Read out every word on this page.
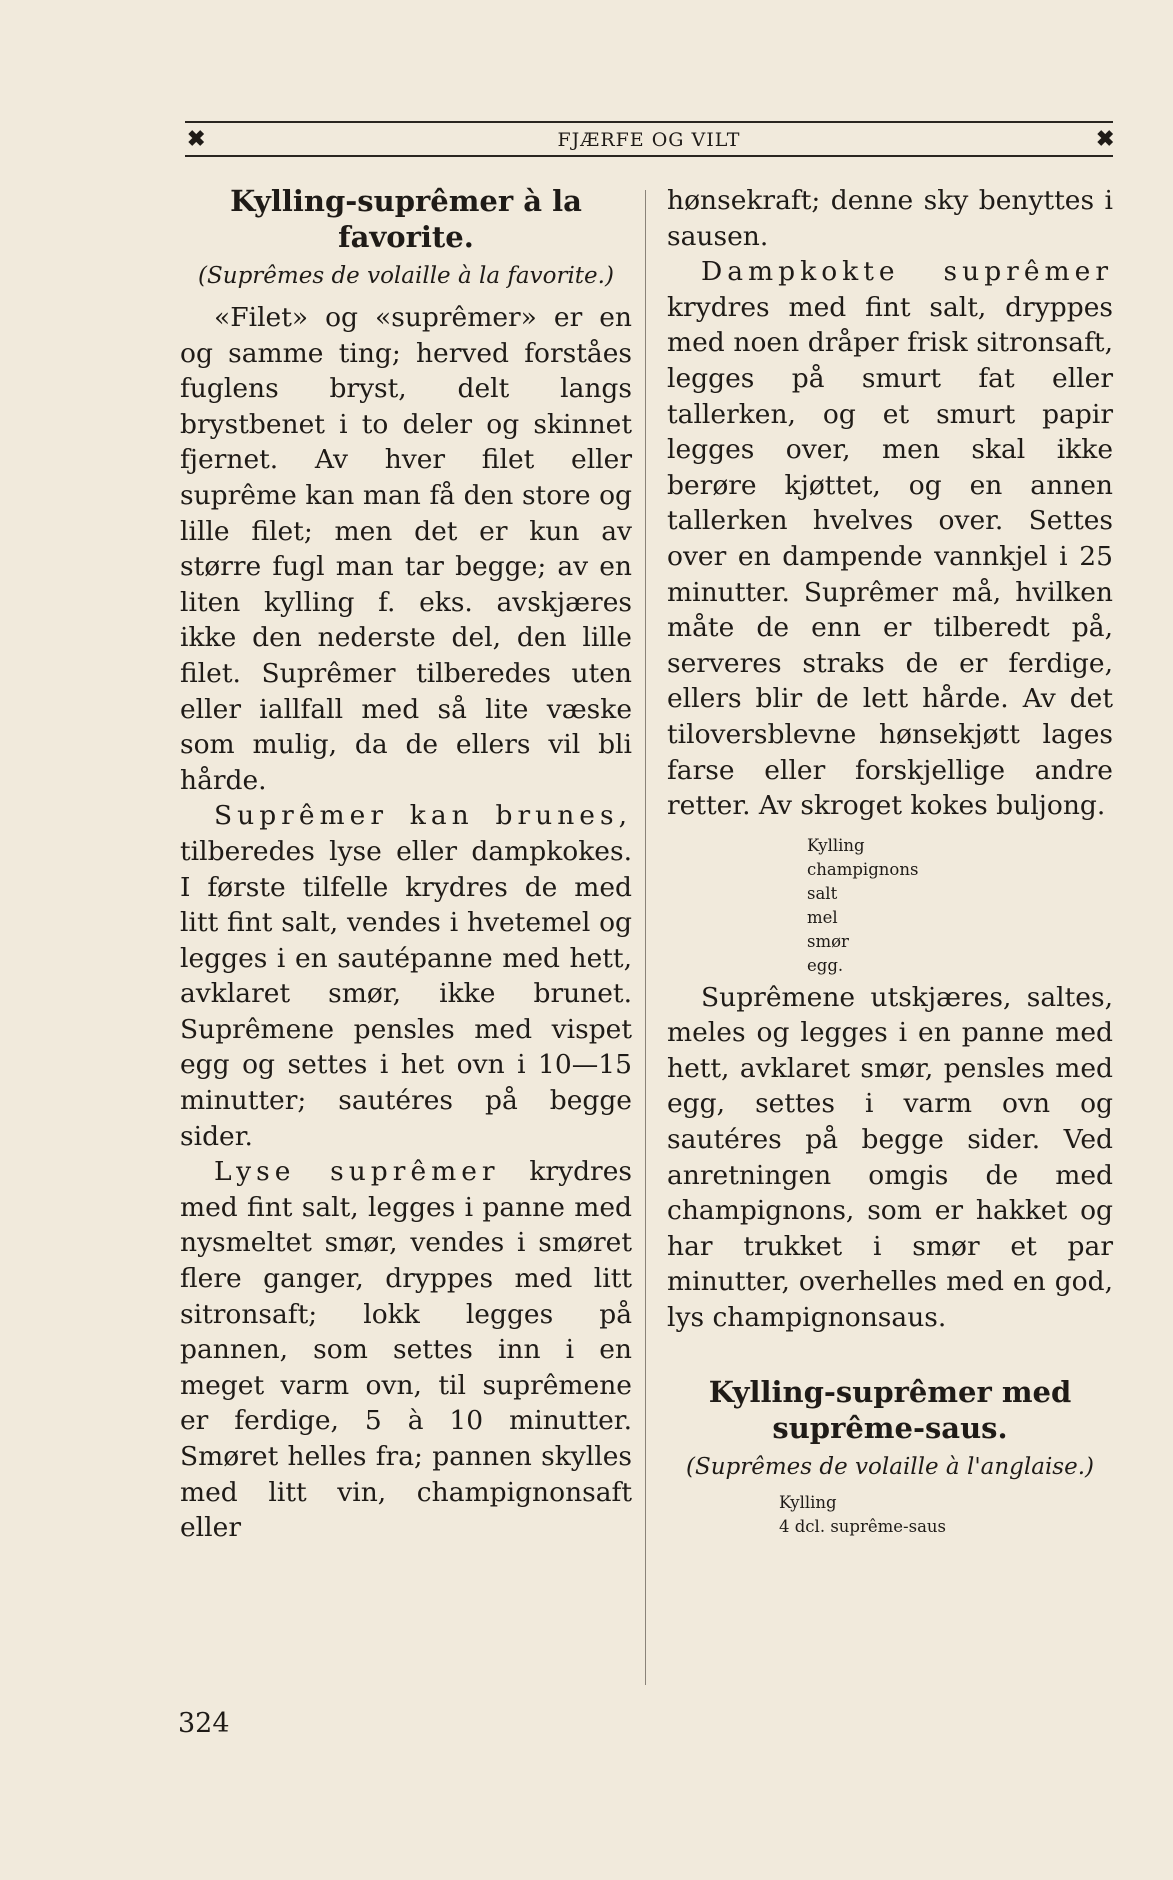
✖	FJÆRFE OG VILT	✖
Kylling-suprêmer à la favorite.
(Suprêmes de volaille à la favorite.)

«Filet» og «suprêmer» er en og samme ting; herved forståes fuglens bryst, delt langs brystbenet i to deler og skinnet fjernet. Av hver filet eller suprême kan man få den store og lille filet; men det er kun av større fugl man tar begge; av en liten kylling f. eks. avskjæres ikke den nederste del, den lille filet. Suprêmer tilberedes uten eller iallfall med så lite væske som mulig, da de ellers vil bli hårde.

Suprêmer kan brunes, tilberedes lyse eller dampkokes. I første tilfelle krydres de med litt fint salt, vendes i hvetemel og legges i en sautépanne med hett, avklaret smør, ikke brunet. Suprêmene pensles med vispet egg og settes i het ovn i 10—15 minutter; sautéres på begge sider.

Lyse suprêmer krydres med fint salt, legges i panne med nysmeltet smør, vendes i smøret flere ganger, dryppes med litt sitronsaft; lokk legges på pannen, som settes inn i en meget varm ovn, til suprêmene er ferdige, 5 à 10 minutter. Smøret helles fra; pannen skylles med litt vin, champignonsaft eller

hønsekraft; denne sky benyttes i sausen.

Dampkokte suprêmer krydres med fint salt, dryppes med noen dråper frisk sitronsaft, legges på smurt fat eller tallerken, og et smurt papir legges over, men skal ikke berøre kjøttet, og en annen tallerken hvelves over. Settes over en dampende vannkjel i 25 minutter. Suprêmer må, hvilken måte de enn er tilberedt på, serveres straks de er ferdige, ellers blir de lett hårde. Av det tiloversblevne hønsekjøtt lages farse eller forskjellige andre retter. Av skroget kokes buljong.

Kylling
champignons
salt
mel
smør
egg.

Suprêmene utskjæres, saltes, meles og legges i en panne med hett, avklaret smør, pensles med egg, settes i varm ovn og sautéres på begge sider. Ved anretningen omgis de med champignons, som er hakket og har trukket i smør et par minutter, overhelles med en god, lys champignonsaus.

Kylling-suprêmer med suprême-saus.
(Suprêmes de volaille à l'anglaise.)
Kylling
4 dcl. suprême-saus
324
